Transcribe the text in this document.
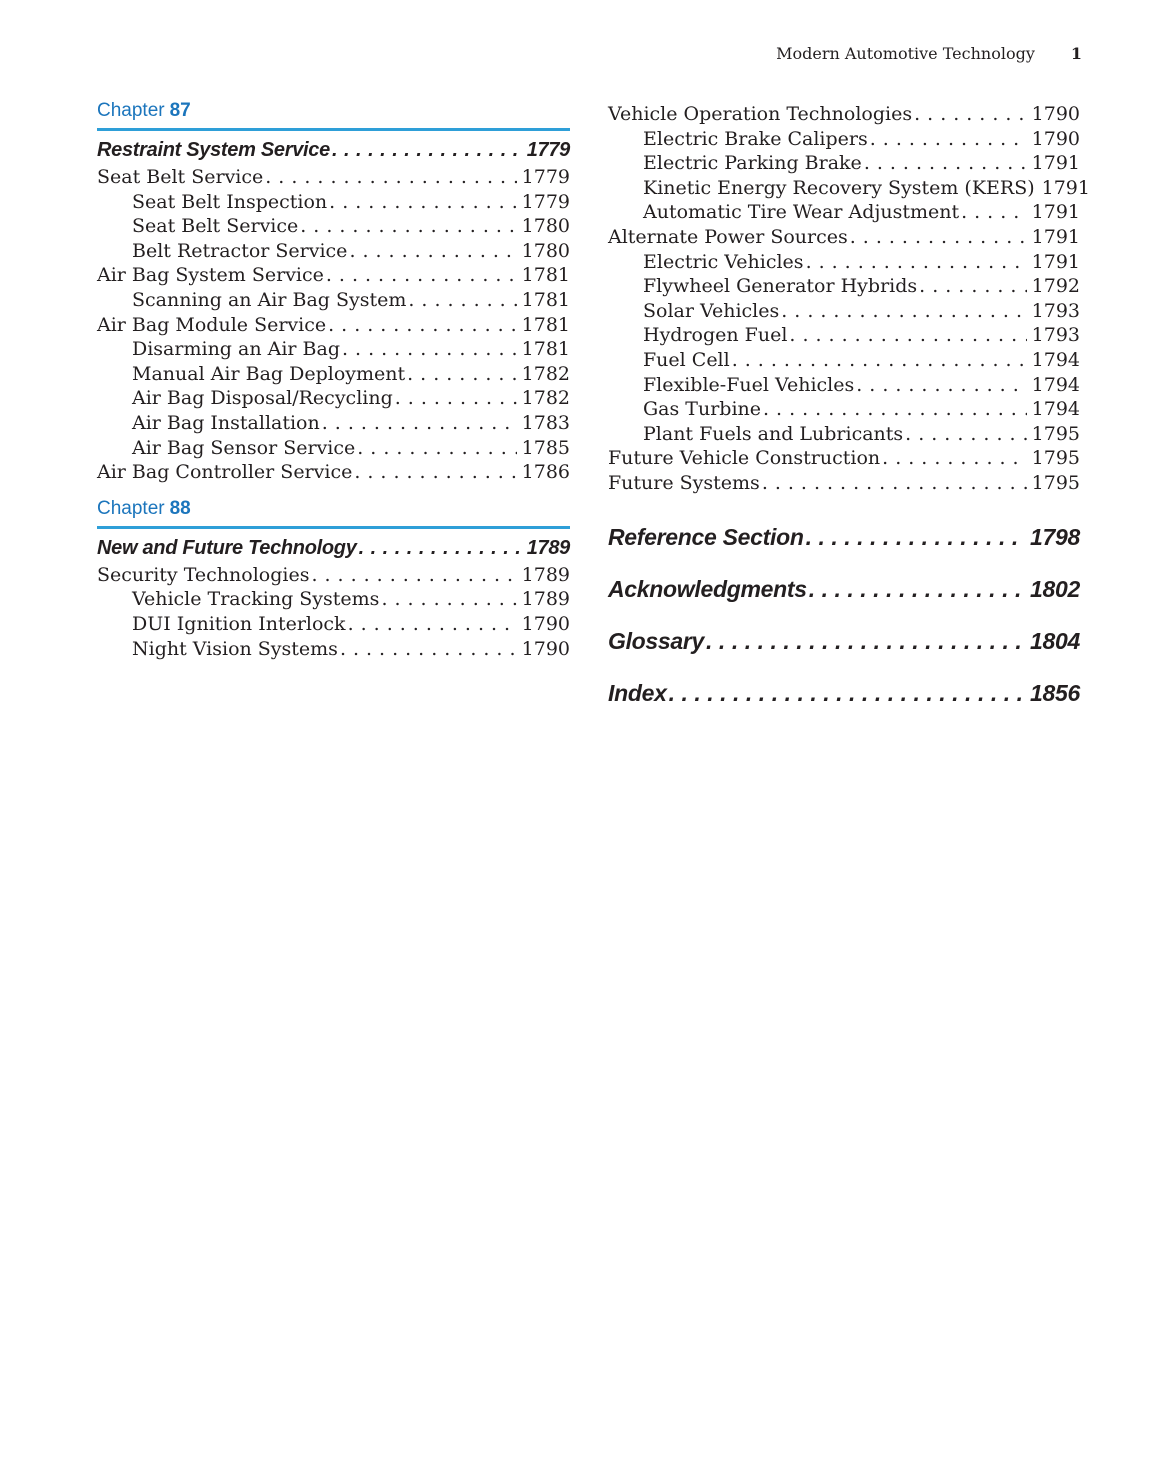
Modern Automotive Technology 1
Chapter 87
Restraint System Service .....	1779
Seat Belt Service .....	1779
Seat Belt Inspection .....	1779
Seat Belt Service .....	1780
Belt Retractor Service .....	1780
Air Bag System Service .....	1781
Scanning an Air Bag System .....	1781
Air Bag Module Service .....	1781
Disarming an Air Bag .....	1781
Manual Air Bag Deployment .....	1782
Air Bag Disposal/Recycling .....	1782
Air Bag Installation .....	1783
Air Bag Sensor Service .....	1785
Air Bag Controller Service .....	1786
Chapter 88
New and Future Technology .....	1789
Security Technologies .....	1789
Vehicle Tracking Systems .....	1789
DUI Ignition Interlock .....	1790
Night Vision Systems .....	1790
Vehicle Operation Technologies .....	1790
Electric Brake Calipers .....	1790
Electric Parking Brake .....	1791
Kinetic Energy Recovery System (KERS) 1791
Automatic Tire Wear Adjustment .....	1791
Alternate Power Sources .....	1791
Electric Vehicles .....	1791
Flywheel Generator Hybrids .....	1792
Solar Vehicles .....	1793
Hydrogen Fuel .....	1793
Fuel Cell .....	1794
Flexible-Fuel Vehicles .....	1794
Gas Turbine .....	1794
Plant Fuels and Lubricants .....	1795
Future Vehicle Construction .....	1795
Future Systems .....	1795
Reference Section .....	1798
Acknowledgments .....	1802
Glossary .....	1804
Index .....	1856
